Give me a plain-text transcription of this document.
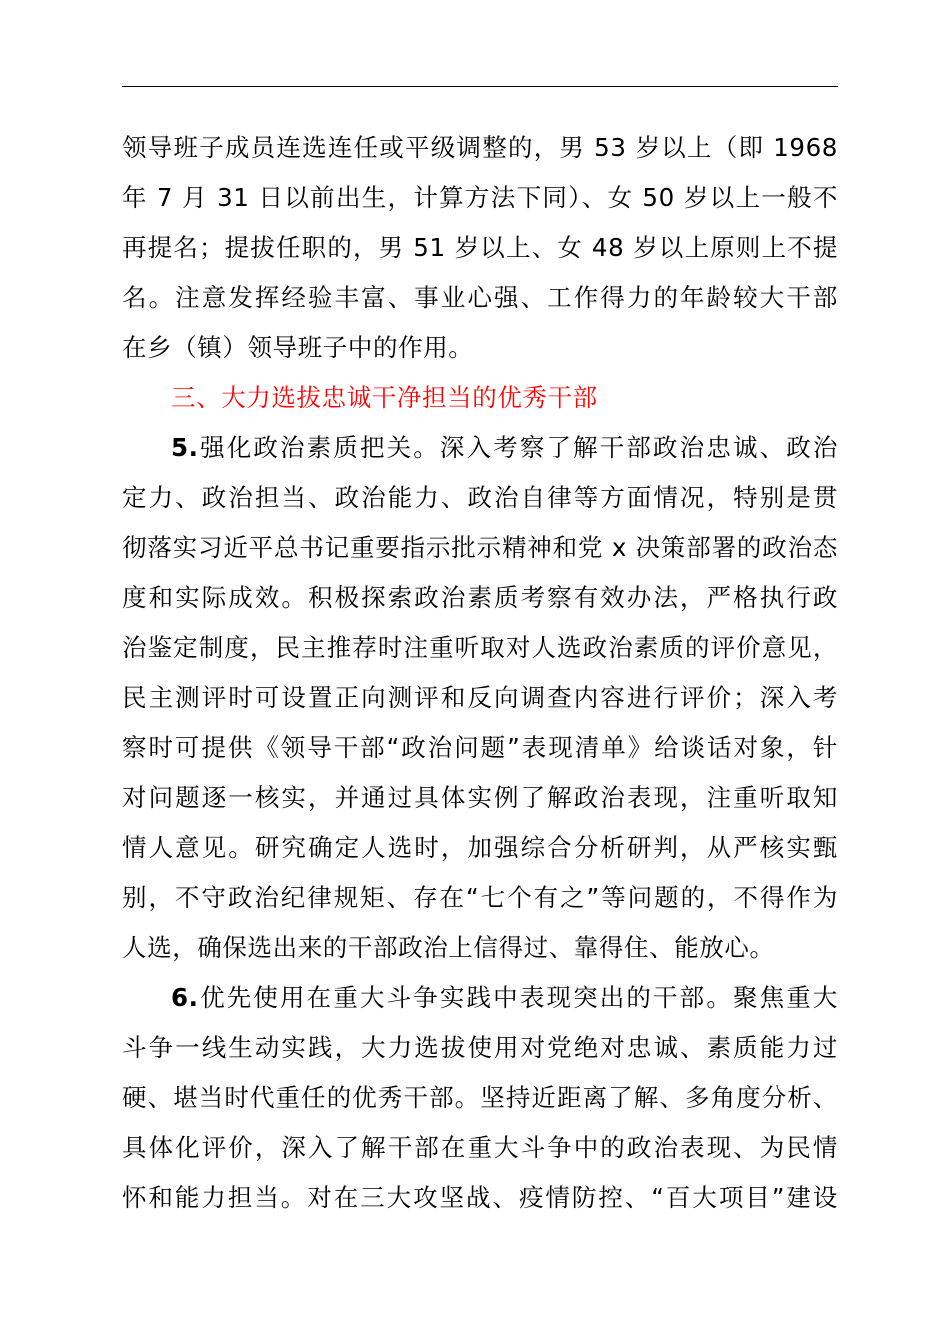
领导班子成员连选连任或平级调整的，男 53 岁以上（即 1968
年 7 月 31 日以前出生，计算方法下同）、女 50 岁以上一般不
再提名；提拔任职的，男 51 岁以上、女 48 岁以上原则上不提
名。注意发挥经验丰富、事业心强、工作得力的年龄较大干部
在乡（镇）领导班子中的作用。
三、大力选拔忠诚干净担当的优秀干部
5.强化政治素质把关。深入考察了解干部政治忠诚、政治
定力、政治担当、政治能力、政治自律等方面情况，特别是贯
彻落实习近平总书记重要指示批示精神和党 x 决策部署的政治态
度和实际成效。积极探索政治素质考察有效办法，严格执行政
治鉴定制度，民主推荐时注重听取对人选政治素质的评价意见，
民主测评时可设置正向测评和反向调查内容进行评价；深入考
察时可提供《领导干部“政治问题”表现清单》给谈话对象，针
对问题逐一核实，并通过具体实例了解政治表现，注重听取知
情人意见。研究确定人选时，加强综合分析研判，从严核实甄
别，不守政治纪律规矩、存在“七个有之”等问题的，不得作为
人选，确保选出来的干部政治上信得过、靠得住、能放心。
6.优先使用在重大斗争实践中表现突出的干部。聚焦重大
斗争一线生动实践，大力选拔使用对党绝对忠诚、素质能力过
硬、堪当时代重任的优秀干部。坚持近距离了解、多角度分析、
具体化评价，深入了解干部在重大斗争中的政治表现、为民情
怀和能力担当。对在三大攻坚战、疫情防控、“百大项目”建设
